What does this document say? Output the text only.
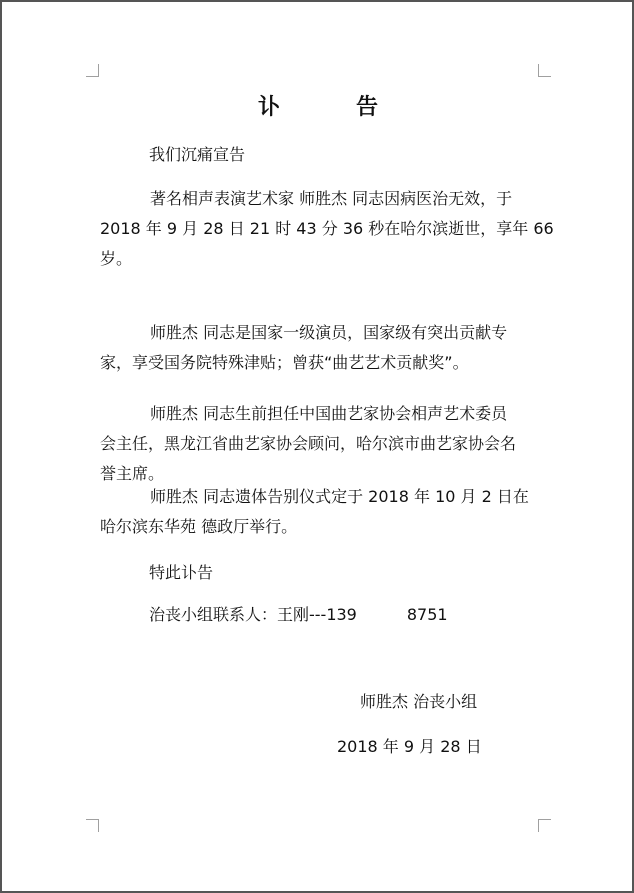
讣	告
我们沉痛宣告
著名相声表演艺术家 师胜杰 同志因病医治无效，于
2018 年 9 月 28 日 21 时 43 分 36 秒在哈尔滨逝世，享年 66
岁。
师胜杰 同志是国家一级演员，国家级有突出贡献专
家，享受国务院特殊津贴；曾获“曲艺艺术贡献奖”。
师胜杰 同志生前担任中国曲艺家协会相声艺术委员
会主任，黑龙江省曲艺家协会顾问，哈尔滨市曲艺家协会名
誉主席。
师胜杰 同志遗体告别仪式定于 2018 年 10 月 2 日在
哈尔滨东华苑 德政厅举行。
特此讣告
治丧小组联系人：王刚---139	8751
师胜杰 治丧小组
2018 年 9 月 28 日
